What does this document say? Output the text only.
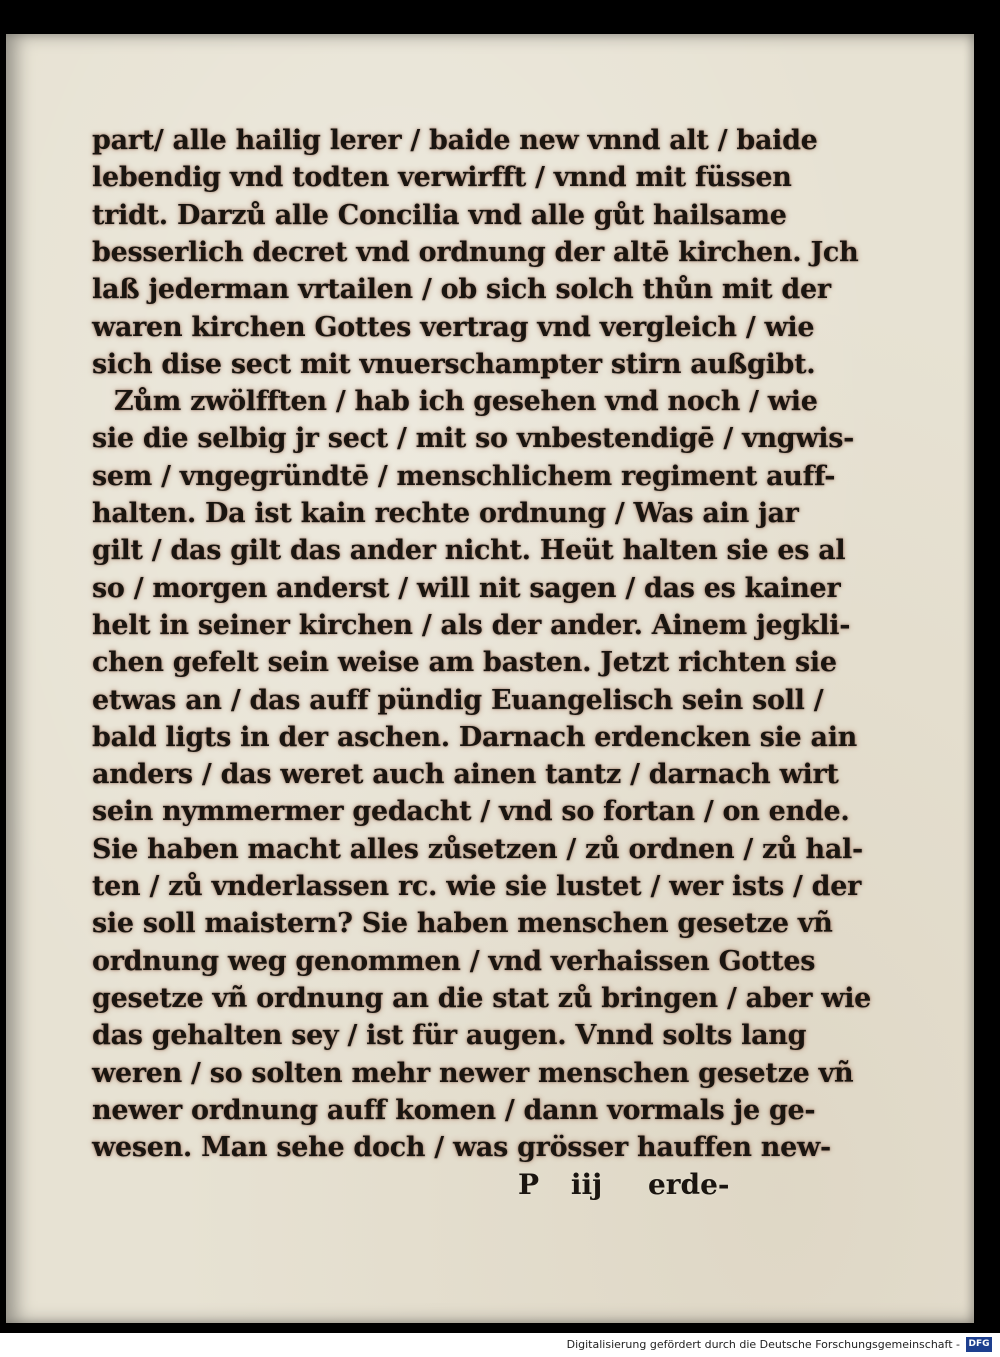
part/ alle hailig lerer / baide new vnnd alt / baide
lebendig vnd todten verwirfft / vnnd mit füssen
tridt. Darzů alle Concilia vnd alle gůt hailsame
besserlich decret vnd ordnung der altē kirchen. Jch
laß jederman vrtailen / ob sich solch thůn mit der
waren kirchen Gottes vertrag vnd vergleich / wie
sich dise sect mit vnuerschampter stirn außgibt.
Zům zwölfften / hab ich gesehen vnd noch / wie
sie die selbig jr sect / mit so vnbestendigē / vngwis-
sem / vngegründtē / menschlichem regiment auff-
halten. Da ist kain rechte ordnung / Was ain jar
gilt / das gilt das ander nicht. Heüt halten sie es al
so / morgen anderst / will nit sagen / das es kainer
helt in seiner kirchen / als der ander. Ainem jegkli-
chen gefelt sein weise am basten. Jetzt richten sie
etwas an / das auff pündig Euangelisch sein soll /
bald ligts in der aschen. Darnach erdencken sie ain
anders / das weret auch ainen tantz / darnach wirt
sein nymmermer gedacht / vnd so fortan / on ende.
Sie haben macht alles zůsetzen / zů ordnen / zů hal-
ten / zů vnderlassen rc. wie sie lustet / wer ists / der
sie soll maistern? Sie haben menschen gesetze vñ
ordnung weg genommen / vnd verhaissen Gottes
gesetze vñ ordnung an die stat zů bringen / aber wie
das gehalten sey / ist für augen. Vnnd solts lang
weren / so solten mehr newer menschen gesetze vñ
newer ordnung auff komen / dann vormals je ge-
wesen. Man sehe doch / was grösser hauffen new-
P iij erde-
Digitalisierung gefördert durch die Deutsche Forschungsgemeinschaft - DFG
